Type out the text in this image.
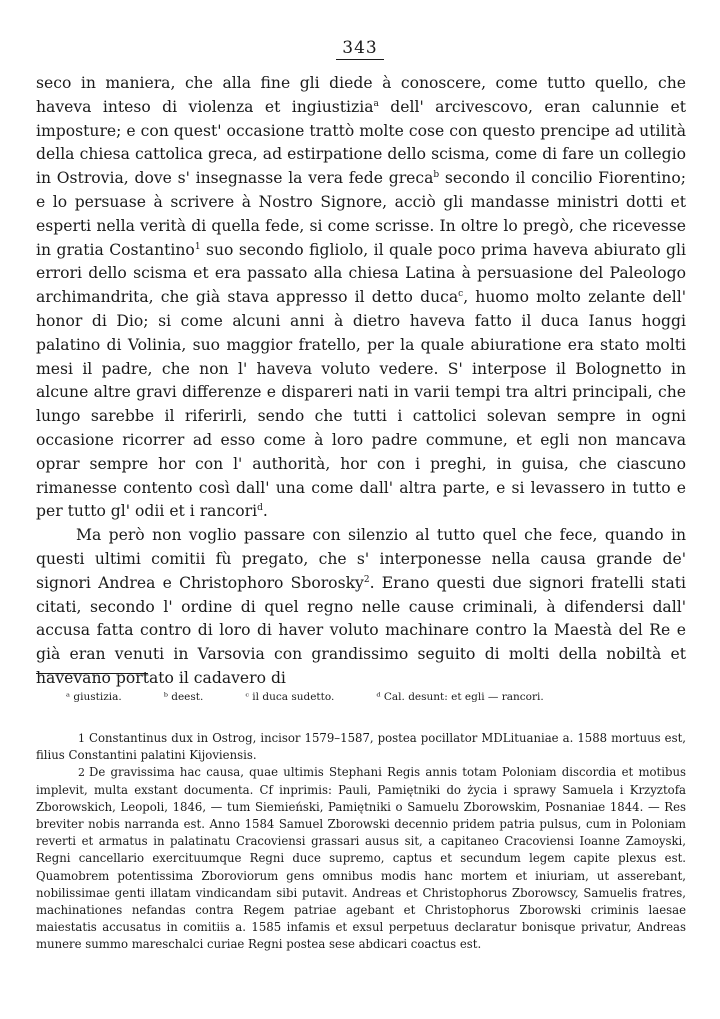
343

seco in maniera, che alla fine gli diede à conoscere, come tutto quello, che haveva inteso di violenza et ingiustizia$^a$ dell' arcivescovo, eran calunnie et imposture; e con quest' occasione trattò molte cose con questo prencipe ad utilità della chiesa cattolica greca, ad estirpatione dello scisma, come di fare un collegio in Ostrovia, dove s' insegnasse la vera fede greca$^b$ secondo il concilio Fiorentino; e lo persuase à scrivere à Nostro Signore, acciò gli mandasse ministri dotti et esperti nella verità di quella fede, si come scrisse. In oltre lo pregò, che ricevesse in gratia Costantino$^1$ suo secondo figliolo, il quale poco prima haveva abiurato gli errori dello scisma et era passato alla chiesa Latina à persuasione del Paleologo archimandrita, che già stava appresso il detto duca$^c$, huomo molto zelante dell' honor di Dio; si come alcuni anni à dietro haveva fatto il duca Ianus hoggi palatino di Volinia, suo maggior fratello, per la quale abiuratione era stato molti mesi il padre, che non l' haveva voluto vedere. S' interpose il Bolognetto in alcune altre gravi differenze e dispareri nati in varii tempi tra altri principali, che lungo sarebbe il riferirli, sendo che tutti i cattolici solevan sempre in ogni occasione ricorrer ad esso come à loro padre commune, et egli non mancava oprar sempre hor con l' authorità, hor con i preghi, in guisa, che ciascuno rimanesse contento così dall' una come dall' altra parte, e si levassero in tutto e per tutto gl' odii et i rancori$^d$.

Ma però non voglio passare con silenzio al tutto quel che fece, quando in questi ultimi comitii fù pregato, che s' interponesse nella causa grande de' signori Andrea e Christophoro Sborosky$^2$. Erano questi due signori fratelli stati citati, secondo l' ordine di quel regno nelle cause criminali, à difendersi dall' accusa fatta contro di loro di haver voluto machinare contro la Maestà del Re e già eran venuti in Varsovia con grandissimo seguito di molti della nobiltà et havevano portato il cadavero di

ᵃ giustizia.	ᵇ deest.	ᶜ il duca sudetto.	ᵈ Cal. desunt: et egli — rancori.

1 Constantinus dux in Ostrog, incisor 1579–1587, postea pocillator MDLituaniae a. 1588 mortuus est, filius Constantini palatini Kijoviensis.

2 De gravissima hac causa, quae ultimis Stephani Regis annis totam Poloniam discordia et motibus implevit, multa exstant documenta. Cf inprimis: Pauli, Pamiętniki do życia i sprawy Samuela i Krzyztofa Zborowskich, Leopoli, 1846, — tum Siemieński, Pamiętniki o Samuelu Zborowskim, Posnaniae 1844. — Res breviter nobis narranda est. Anno 1584 Samuel Zborowski decennio pridem patria pulsus, cum in Poloniam reverti et armatus in palatinatu Cracoviensi grassari ausus sit, a capitaneo Cracoviensi Ioanne Zamoyski, Regni cancellario exercituumque Regni duce supremo, captus et secundum legem capite plexus est. Quamobrem potentissima Zboroviorum gens omnibus modis hanc mortem et iniuriam, ut asserebant, nobilissimae genti illatam vindicandam sibi putavit. Andreas et Christophorus Zborowscy, Samuelis fratres, machinationes nefandas contra Regem patriae agebant et Christophorus Zborowski criminis laesae maiestatis accusatus in comitiis a. 1585 infamis et exsul perpetuus declaratur bonisque privatur, Andreas munere summo mareschalci curiae Regni postea sese abdicari coactus est.
